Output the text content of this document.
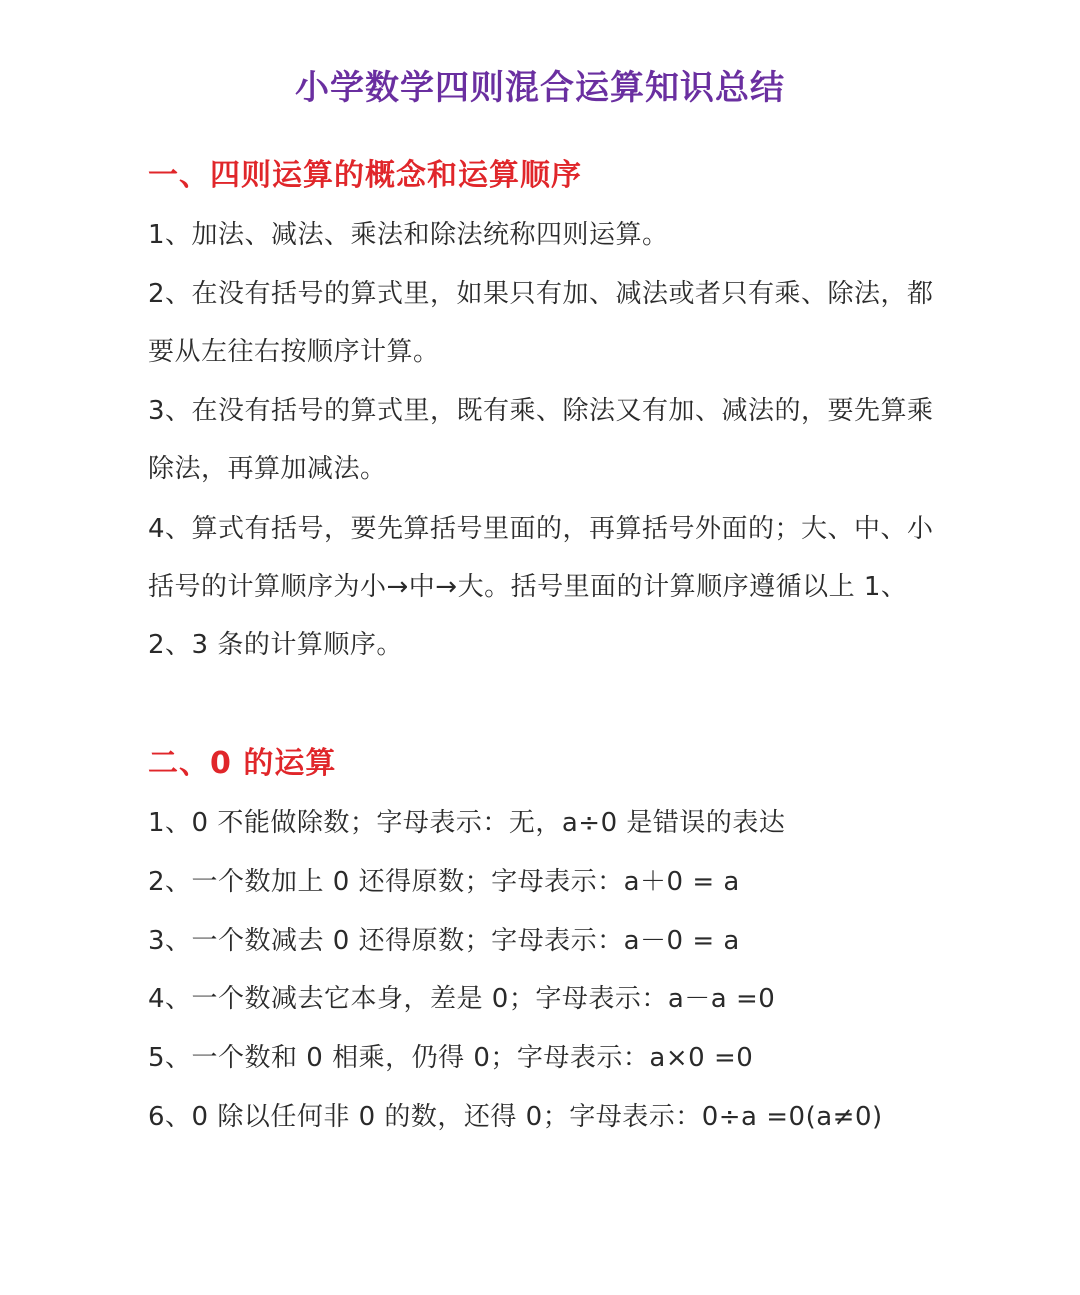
小学数学四则混合运算知识总结
一、四则运算的概念和运算顺序

1、加法、减法、乘法和除法统称四则运算。

2、在没有括号的算式里，如果只有加、减法或者只有乘、除法，都要从左往右按顺序计算。

3、在没有括号的算式里，既有乘、除法又有加、减法的，要先算乘除法，再算加减法。

4、算式有括号，要先算括号里面的，再算括号外面的；大、中、小括号的计算顺序为小→中→大。括号里面的计算顺序遵循以上 1、2、3 条的计算顺序。

二、0 的运算
1、0 不能做除数；字母表示：无，a÷0 是错误的表达
2、一个数加上 0 还得原数；字母表示：a＋0 = a
3、一个数减去 0 还得原数；字母表示：a－0 = a
4、一个数减去它本身，差是 0；字母表示：a－a =0
5、一个数和 0 相乘，仍得 0；字母表示：a×0 =0
6、0 除以任何非 0 的数，还得 0；字母表示：0÷a =0(a≠0)
